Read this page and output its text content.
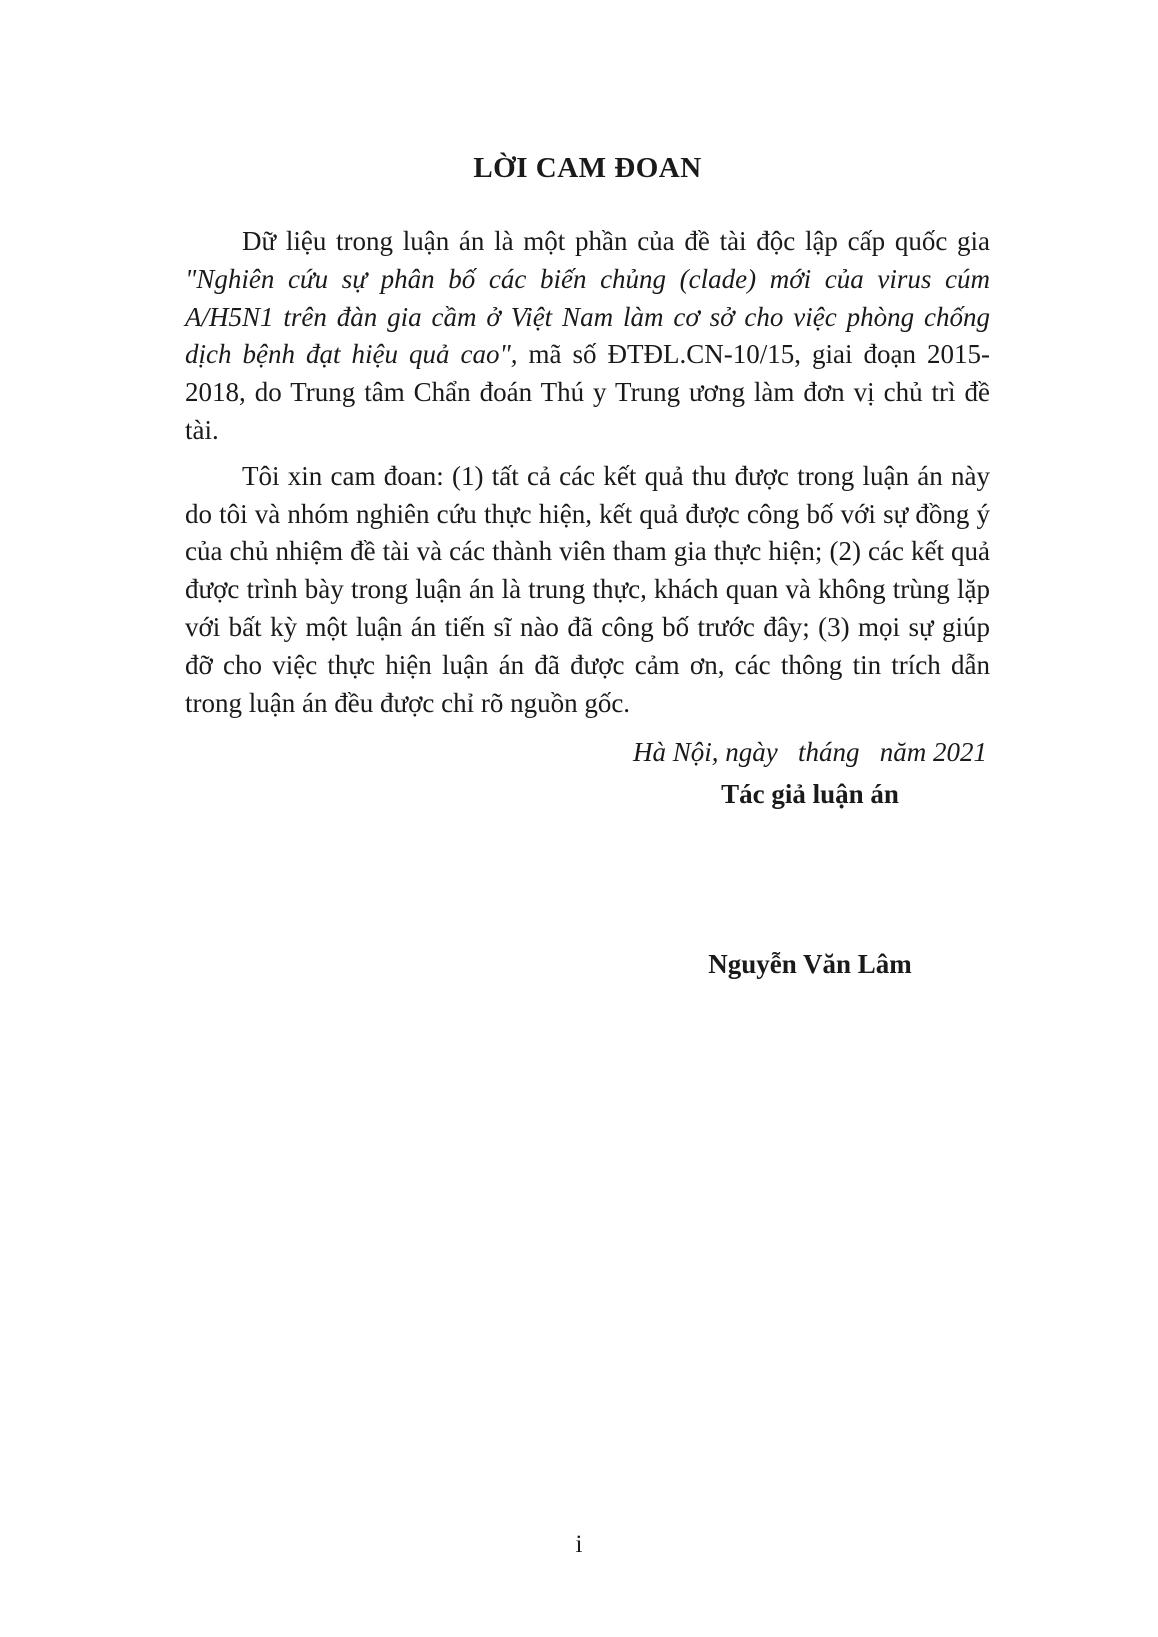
LỜI CAM ĐOAN

Dữ liệu trong luận án là một phần của đề tài độc lập cấp quốc gia "Nghiên cứu sự phân bố các biến chủng (clade) mới của virus cúm A/H5N1 trên đàn gia cầm ở Việt Nam làm cơ sở cho việc phòng chống dịch bệnh đạt hiệu quả cao", mã số ĐTĐL.CN-10/15, giai đoạn 2015-2018, do Trung tâm Chẩn đoán Thú y Trung ương làm đơn vị chủ trì đề tài.

Tôi xin cam đoan: (1) tất cả các kết quả thu được trong luận án này do tôi và nhóm nghiên cứu thực hiện, kết quả được công bố với sự đồng ý của chủ nhiệm đề tài và các thành viên tham gia thực hiện; (2) các kết quả được trình bày trong luận án là trung thực, khách quan và không trùng lặp với bất kỳ một luận án tiến sĩ nào đã công bố trước đây; (3) mọi sự giúp đỡ cho việc thực hiện luận án đã được cảm ơn, các thông tin trích dẫn trong luận án đều được chỉ rõ nguồn gốc.

Hà Nội, ngày   tháng   năm 2021
Tác giả luận án
Nguyễn Văn Lâm
i
